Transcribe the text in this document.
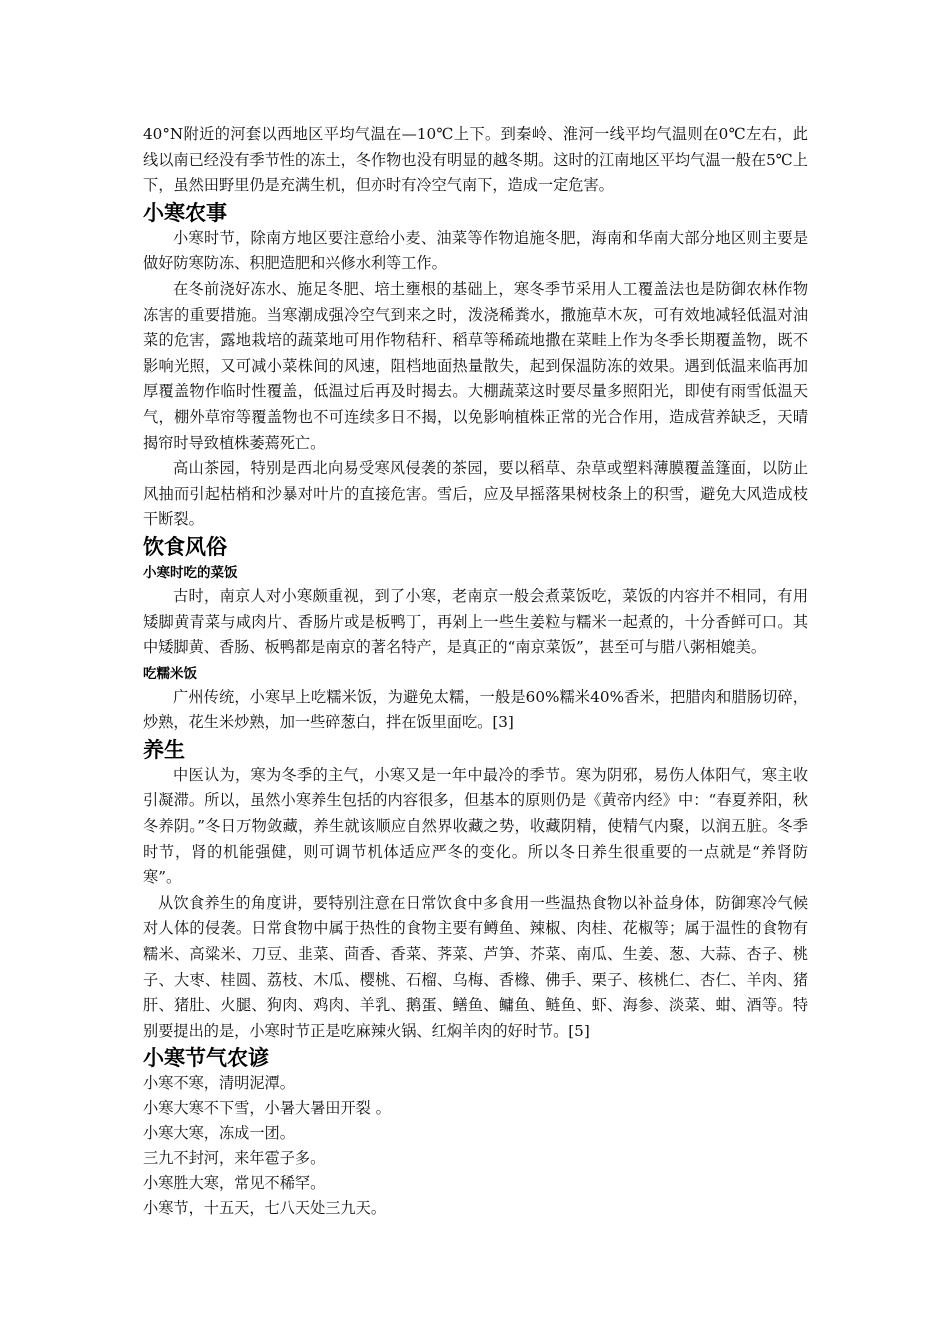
40°N附近的河套以西地区平均气温在—10℃上下。到秦岭、淮河一线平均气温则在0℃左右，此线以南已经没有季节性的冻土，冬作物也没有明显的越冬期。这时的江南地区平均气温一般在5℃上下，虽然田野里仍是充满生机，但亦时有冷空气南下，造成一定危害。

小寒农事

小寒时节，除南方地区要注意给小麦、油菜等作物追施冬肥，海南和华南大部分地区则主要是做好防寒防冻、积肥造肥和兴修水利等工作。

在冬前浇好冻水、施足冬肥、培土壅根的基础上，寒冬季节采用人工覆盖法也是防御农林作物冻害的重要措施。当寒潮成强冷空气到来之时，泼浇稀粪水，撒施草木灰，可有效地减轻低温对油菜的危害，露地栽培的蔬菜地可用作物秸秆、稻草等稀疏地撒在菜畦上作为冬季长期覆盖物，既不影响光照，又可减小菜株间的风速，阻档地面热量散失，起到保温防冻的效果。遇到低温来临再加厚覆盖物作临时性覆盖，低温过后再及时揭去。大棚蔬菜这时要尽量多照阳光，即使有雨雪低温天气，棚外草帘等覆盖物也不可连续多日不揭，以免影响植株正常的光合作用，造成营养缺乏，天晴揭帘时导致植株萎蔫死亡。

高山茶园，特别是西北向易受寒风侵袭的茶园，要以稻草、杂草或塑料薄膜覆盖篷面，以防止风抽而引起枯梢和沙暴对叶片的直接危害。雪后，应及早摇落果树枝条上的积雪，避免大风造成枝干断裂。

饮食风俗
小寒时吃的菜饭

古时，南京人对小寒颇重视，到了小寒，老南京一般会煮菜饭吃，菜饭的内容并不相同，有用矮脚黄青菜与咸肉片、香肠片或是板鸭丁，再剁上一些生姜粒与糯米一起煮的，十分香鲜可口。其中矮脚黄、香肠、板鸭都是南京的著名特产，是真正的“南京菜饭”，甚至可与腊八粥相媲美。

吃糯米饭

广州传统，小寒早上吃糯米饭，为避免太糯，一般是60%糯米40%香米，把腊肉和腊肠切碎，炒熟，花生米炒熟，加一些碎葱白，拌在饭里面吃。[3]

养生

中医认为，寒为冬季的主气，小寒又是一年中最冷的季节。寒为阴邪，易伤人体阳气，寒主收引凝滞。所以，虽然小寒养生包括的内容很多，但基本的原则仍是《黄帝内经》中：“春夏养阳，秋冬养阴。”冬日万物敛藏，养生就该顺应自然界收藏之势，收藏阴精，使精气内聚，以润五脏。冬季时节，肾的机能强健，则可调节机体适应严冬的变化。所以冬日养生很重要的一点就是“养肾防寒”。

从饮食养生的角度讲，要特别注意在日常饮食中多食用一些温热食物以补益身体，防御寒冷气候对人体的侵袭。日常食物中属于热性的食物主要有鳟鱼、辣椒、肉桂、花椒等；属于温性的食物有糯米、高粱米、刀豆、韭菜、茴香、香菜、荠菜、芦笋、芥菜、南瓜、生姜、葱、大蒜、杏子、桃子、大枣、桂圆、荔枝、木瓜、樱桃、石榴、乌梅、香橼、佛手、栗子、核桃仁、杏仁、羊肉、猪肝、猪肚、火腿、狗肉、鸡肉、羊乳、鹅蛋、鳝鱼、鳙鱼、鲢鱼、虾、海参、淡菜、蚶、酒等。特别要提出的是，小寒时节正是吃麻辣火锅、红焖羊肉的好时节。[5]

小寒节气农谚

小寒不寒，清明泥潭。

小寒大寒不下雪，小暑大暑田开裂 。

小寒大寒，冻成一团。

三九不封河，来年雹子多。

小寒胜大寒，常见不稀罕。

小寒节，十五天，七八天处三九天。
